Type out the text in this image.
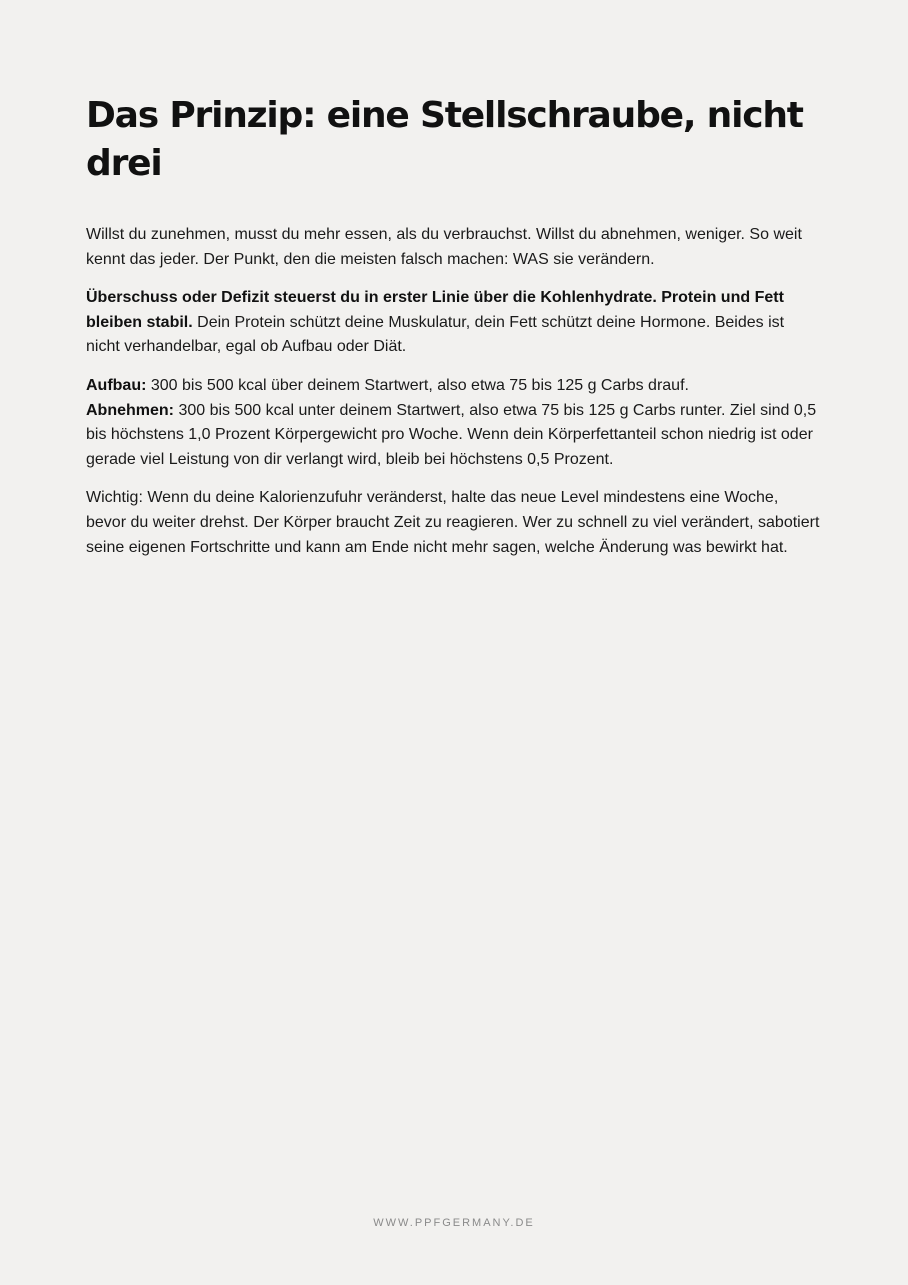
Das Prinzip: eine Stellschraube, nicht drei

Willst du zunehmen, musst du mehr essen, als du verbrauchst. Willst du abnehmen, weniger. So weit kennt das jeder. Der Punkt, den die meisten falsch machen: WAS sie verändern.

Überschuss oder Defizit steuerst du in erster Linie über die Kohlenhydrate. Protein und Fett bleiben stabil. Dein Protein schützt deine Muskulatur, dein Fett schützt deine Hormone. Beides ist nicht verhandelbar, egal ob Aufbau oder Diät.

Aufbau: 300 bis 500 kcal über deinem Startwert, also etwa 75 bis 125 g Carbs drauf.
Abnehmen: 300 bis 500 kcal unter deinem Startwert, also etwa 75 bis 125 g Carbs runter. Ziel sind 0,5 bis höchstens 1,0 Prozent Körpergewicht pro Woche. Wenn dein Körperfettanteil schon niedrig ist oder gerade viel Leistung von dir verlangt wird, bleib bei höchstens 0,5 Prozent.

Wichtig: Wenn du deine Kalorienzufuhr veränderst, halte das neue Level mindestens eine Woche, bevor du weiter drehst. Der Körper braucht Zeit zu reagieren. Wer zu schnell zu viel verändert, sabotiert seine eigenen Fortschritte und kann am Ende nicht mehr sagen, welche Änderung was bewirkt hat.

WWW.PPFGERMANY.DE
